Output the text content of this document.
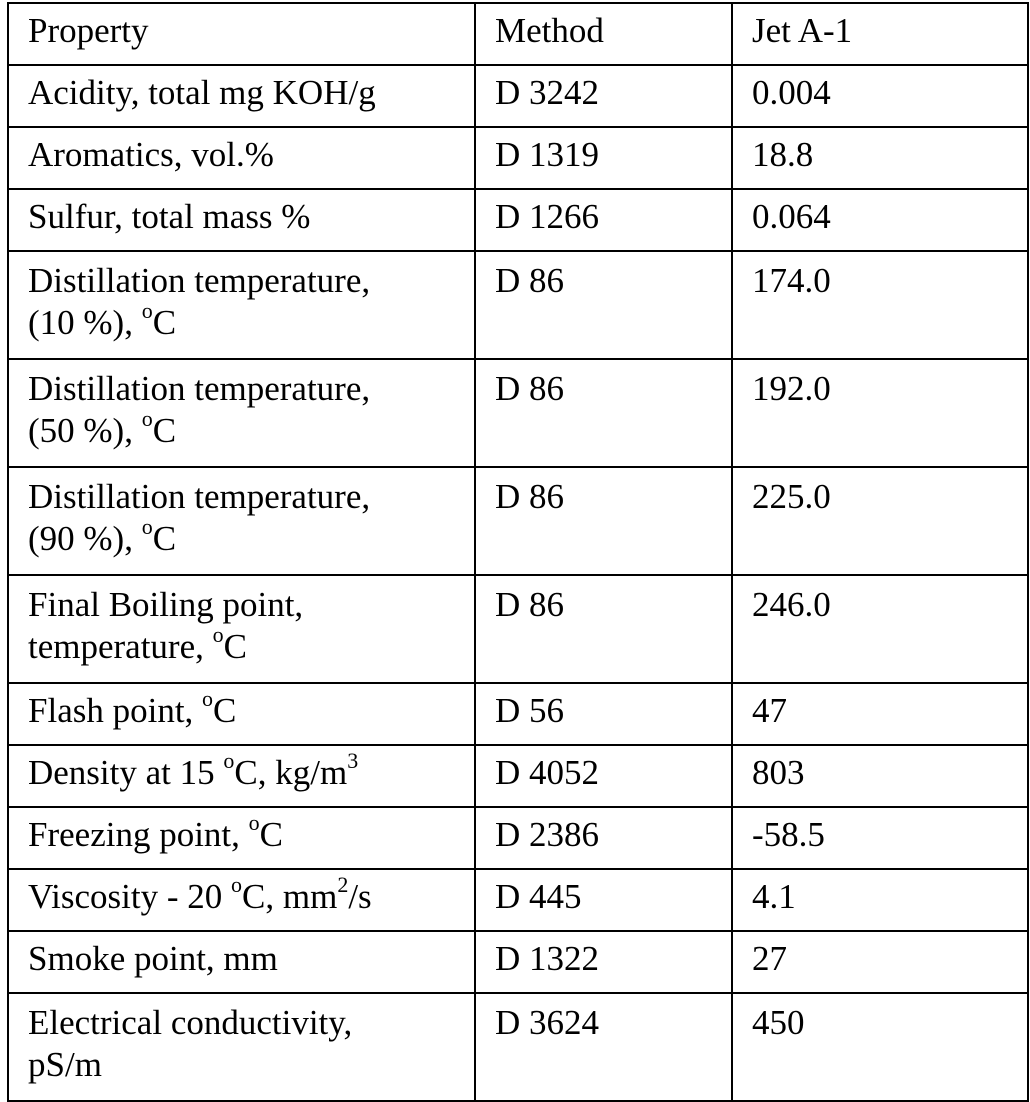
Property	Method	Jet A-1
Acidity, total mg KOH/g	D 3242	0.004
Aromatics, vol.%	D 1319	18.8
Sulfur, total mass %	D 1266	0.064

Distillation temperature,
(10 %), $^o$C	D 86	174.0

Distillation temperature,
(50 %), $^o$C	D 86	192.0

Distillation temperature,
(90 %), $^o$C	D 86	225.0

Final Boiling point,
temperature, $^o$C	D 86	246.0
Flash point, $^o$C	D 56	47
Density at 15 $^o$C, $kg/m^3$	D 4052	803
Freezing point, $^o$C	D 2386	-58.5
Viscosity - 20 $^o$C, $mm^2/s$	D 445	4.1
Smoke point, mm	D 1322	27

Electrical conductivity,
pS/m	D 3624	450
